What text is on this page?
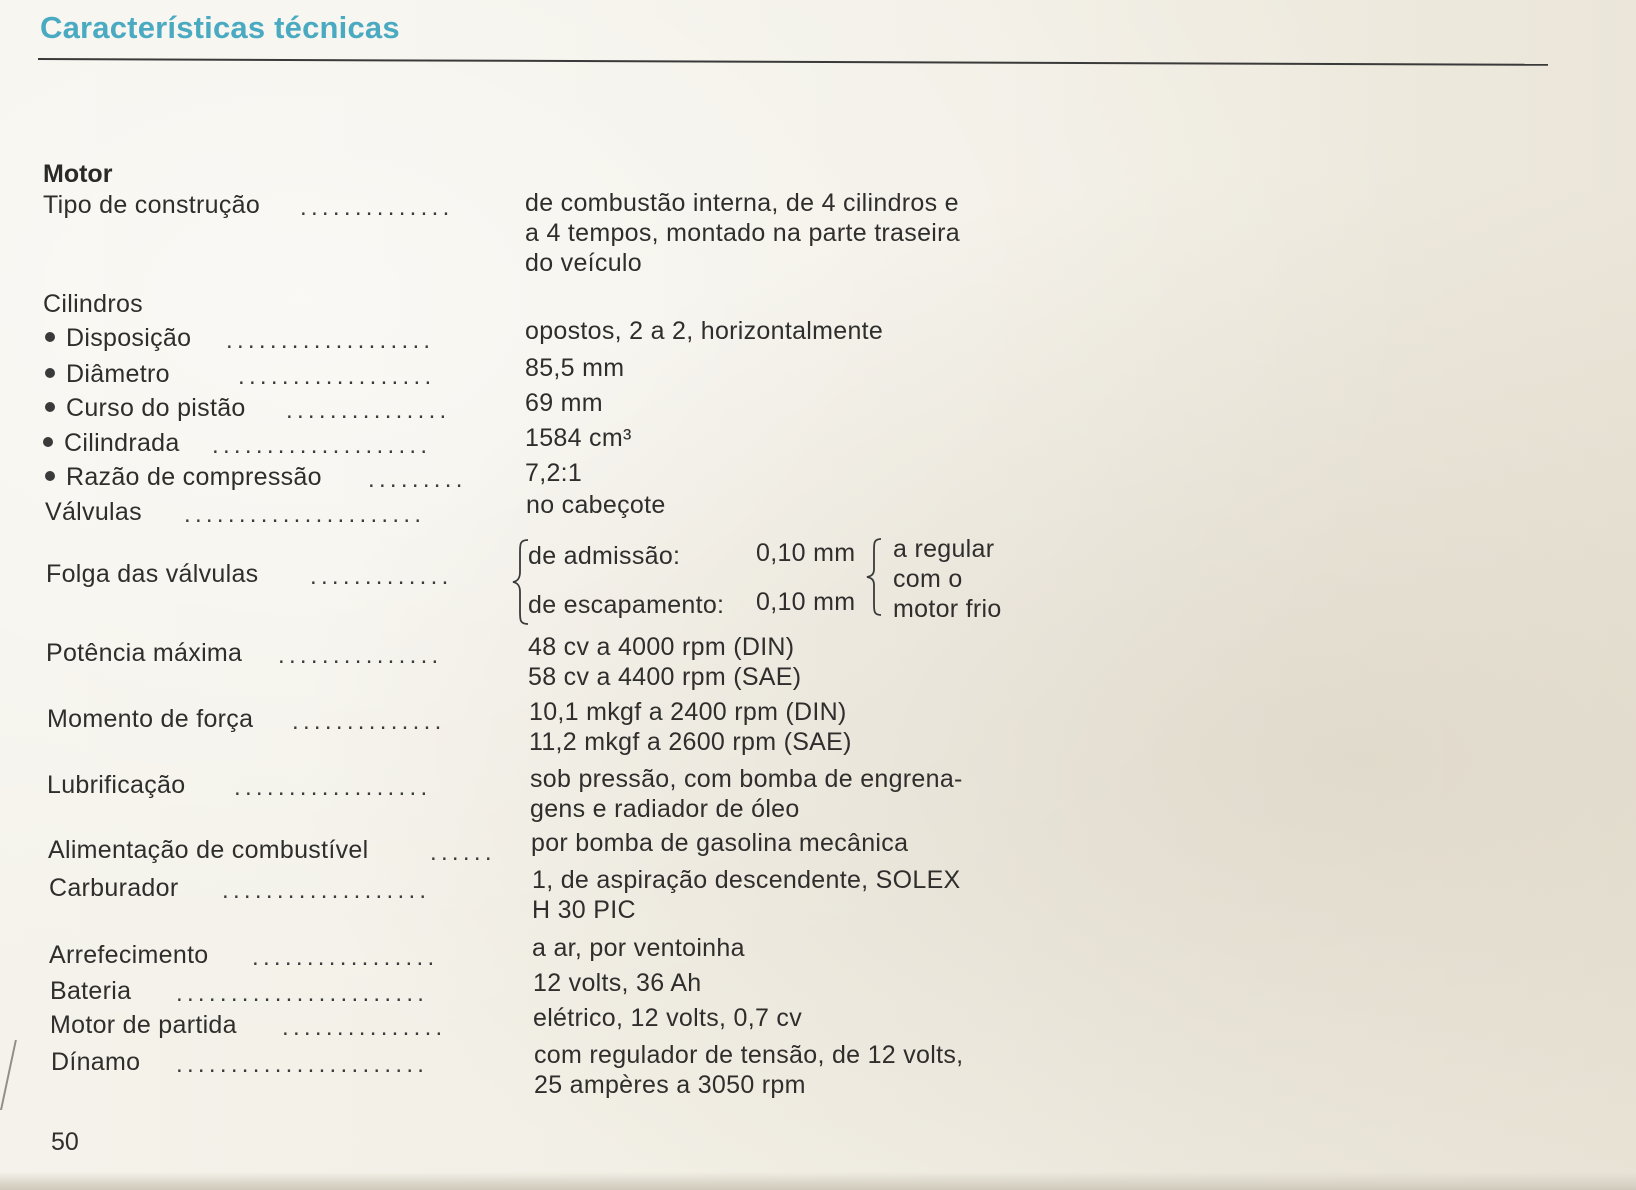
Características técnicas
Motor
Tipo de construção ..............	de combustão interna, de 4 cilindros e
a 4 tempos, montado na parte traseira
do veículo
Cilindros
Disposição ...................	opostos, 2 a 2, horizontalmente
Diâmetro	..................	85,5 mm
Curso do pistão ...............	69 mm
Cilindrada ....................	1584 cm³
Razão de compressão .........	7,2:1
Válvulas ......................	no cabeçote
Folga das válvulas .............
de admissão:	0,10 mm
de escapamento: 0,10 mm
a regular
com o
motor frio
Potência máxima ...............	48 cv a 4000 rpm (DIN)
58 cv a 4400 rpm (SAE)
Momento de força ..............	10,1 mkgf a 2400 rpm (DIN)
11,2 mkgf a 2600 rpm (SAE)
Lubrificação ..................	sob pressão, com bomba de engrena-
gens e radiador de óleo
Alimentação de combustível	......	por bomba de gasolina mecânica
Carburador ...................	1, de aspiração descendente, SOLEX
H 30 PIC
Arrefecimento .................	a ar, por ventoinha
Bateria .......................	12 volts, 36 Ah
Motor de partida ...............	elétrico, 12 volts, 0,7 cv
Dínamo .......................	com regulador de tensão, de 12 volts,
25 ampères a 3050 rpm
50
